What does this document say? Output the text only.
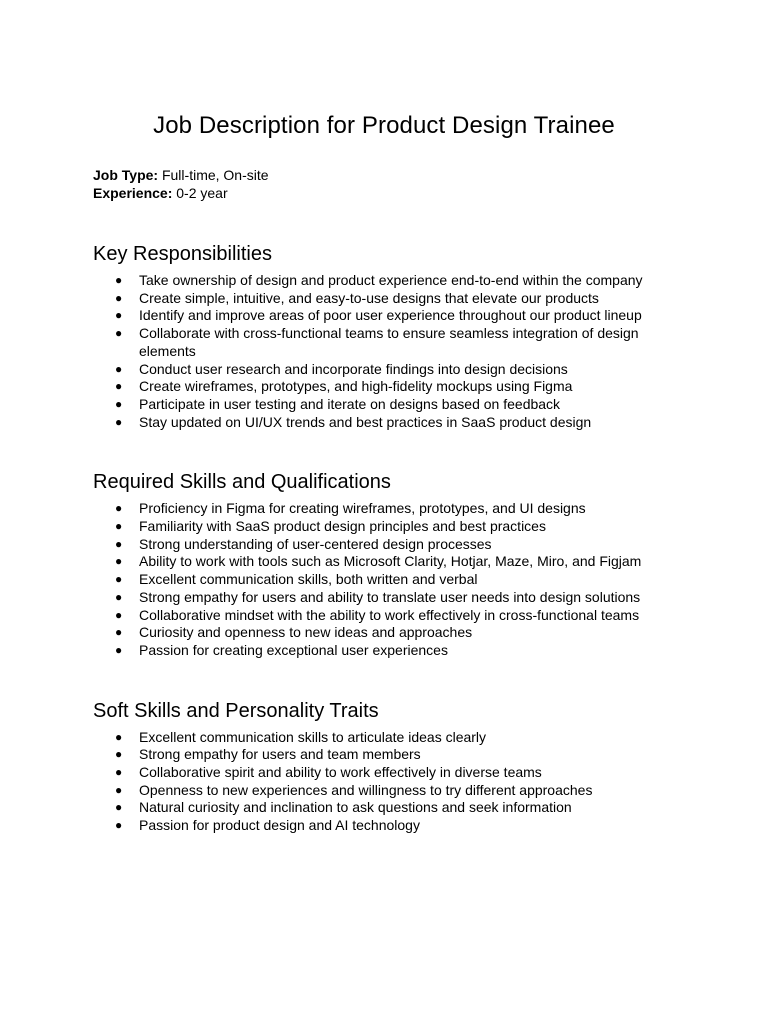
Job Description for Product Design Trainee
Job Type: Full-time, On-site
Experience: 0-2 year
Key Responsibilities
● Take ownership of design and product experience end-to-end within the company
● Create simple, intuitive, and easy-to-use designs that elevate our products
● Identify and improve areas of poor user experience throughout our product lineup
● Collaborate with cross-functional teams to ensure seamless integration of design elements
● Conduct user research and incorporate findings into design decisions
● Create wireframes, prototypes, and high-fidelity mockups using Figma
● Participate in user testing and iterate on designs based on feedback
● Stay updated on UI/UX trends and best practices in SaaS product design
Required Skills and Qualifications
● Proficiency in Figma for creating wireframes, prototypes, and UI designs
● Familiarity with SaaS product design principles and best practices
● Strong understanding of user-centered design processes
● Ability to work with tools such as Microsoft Clarity, Hotjar, Maze, Miro, and Figjam
● Excellent communication skills, both written and verbal
● Strong empathy for users and ability to translate user needs into design solutions
● Collaborative mindset with the ability to work effectively in cross-functional teams
● Curiosity and openness to new ideas and approaches
● Passion for creating exceptional user experiences
Soft Skills and Personality Traits
● Excellent communication skills to articulate ideas clearly
● Strong empathy for users and team members
● Collaborative spirit and ability to work effectively in diverse teams
● Openness to new experiences and willingness to try different approaches
● Natural curiosity and inclination to ask questions and seek information
● Passion for product design and AI technology
